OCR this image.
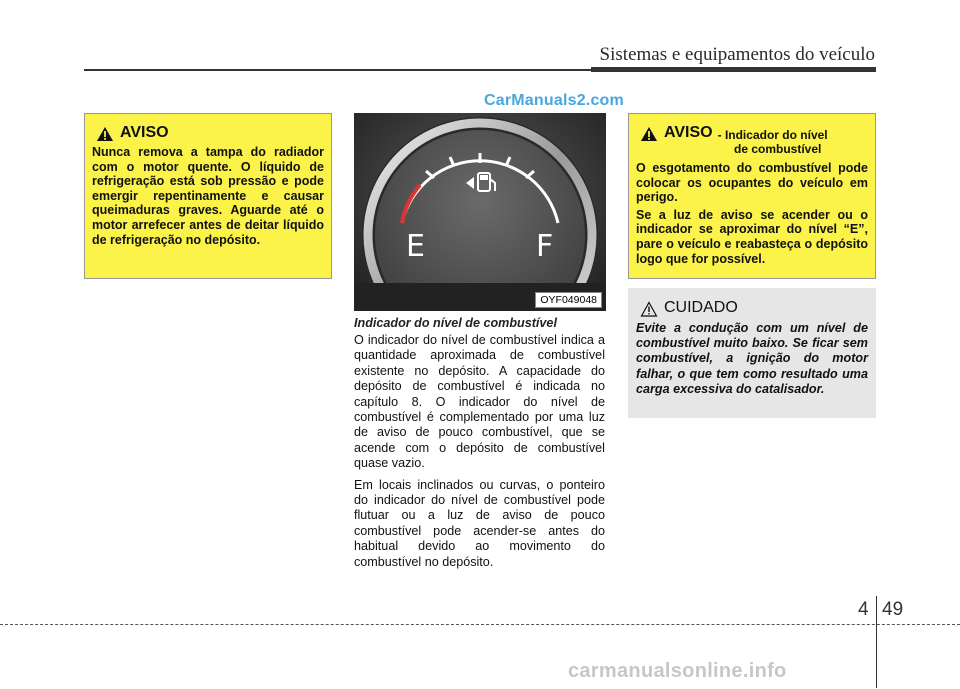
Sistemas e equipamentos do veículo
CarManuals2.com
AVISO
Nunca remova a tampa do radiador com o motor quente. O líquido de refrigeração está sob pressão e pode emergir repentinamente e causar queimaduras graves. Aguarde até o motor arrefecer antes de deitar líquido de refrigeração no depósito.	E	F
OYF049048
Indicador do nível de combustível

O indicador do nível de combustível indica a quantidade aproximada de combustível existente no depósito. A capacidade do depósito de combustível é indicada no capítulo 8. O indicador do nível de combustível é complementado por uma luz de aviso de pouco combustível, que se acende com o depósito de combustível quase vazio.

Em locais inclinados ou curvas, o ponteiro do indicador do nível de combustível pode flutuar ou a luz de aviso de pouco combustível pode acender-se antes do habitual devido ao movimento do combustível no depósito.

AVISO - Indicador do nível
de combustível

O esgotamento do combustível pode colocar os ocupantes do veículo em perigo.

Se a luz de aviso se acender ou o indicador se aproximar do nível “E”, pare o veículo e reabasteça o depósito logo que for possível.

CUIDADO
Evite a condução com um nível de combustível muito baixo. Se ficar sem combustível, a ignição do motor falhar, o que tem como resultado uma carga excessiva do catalisador.
4 49
carmanualsonline.info
